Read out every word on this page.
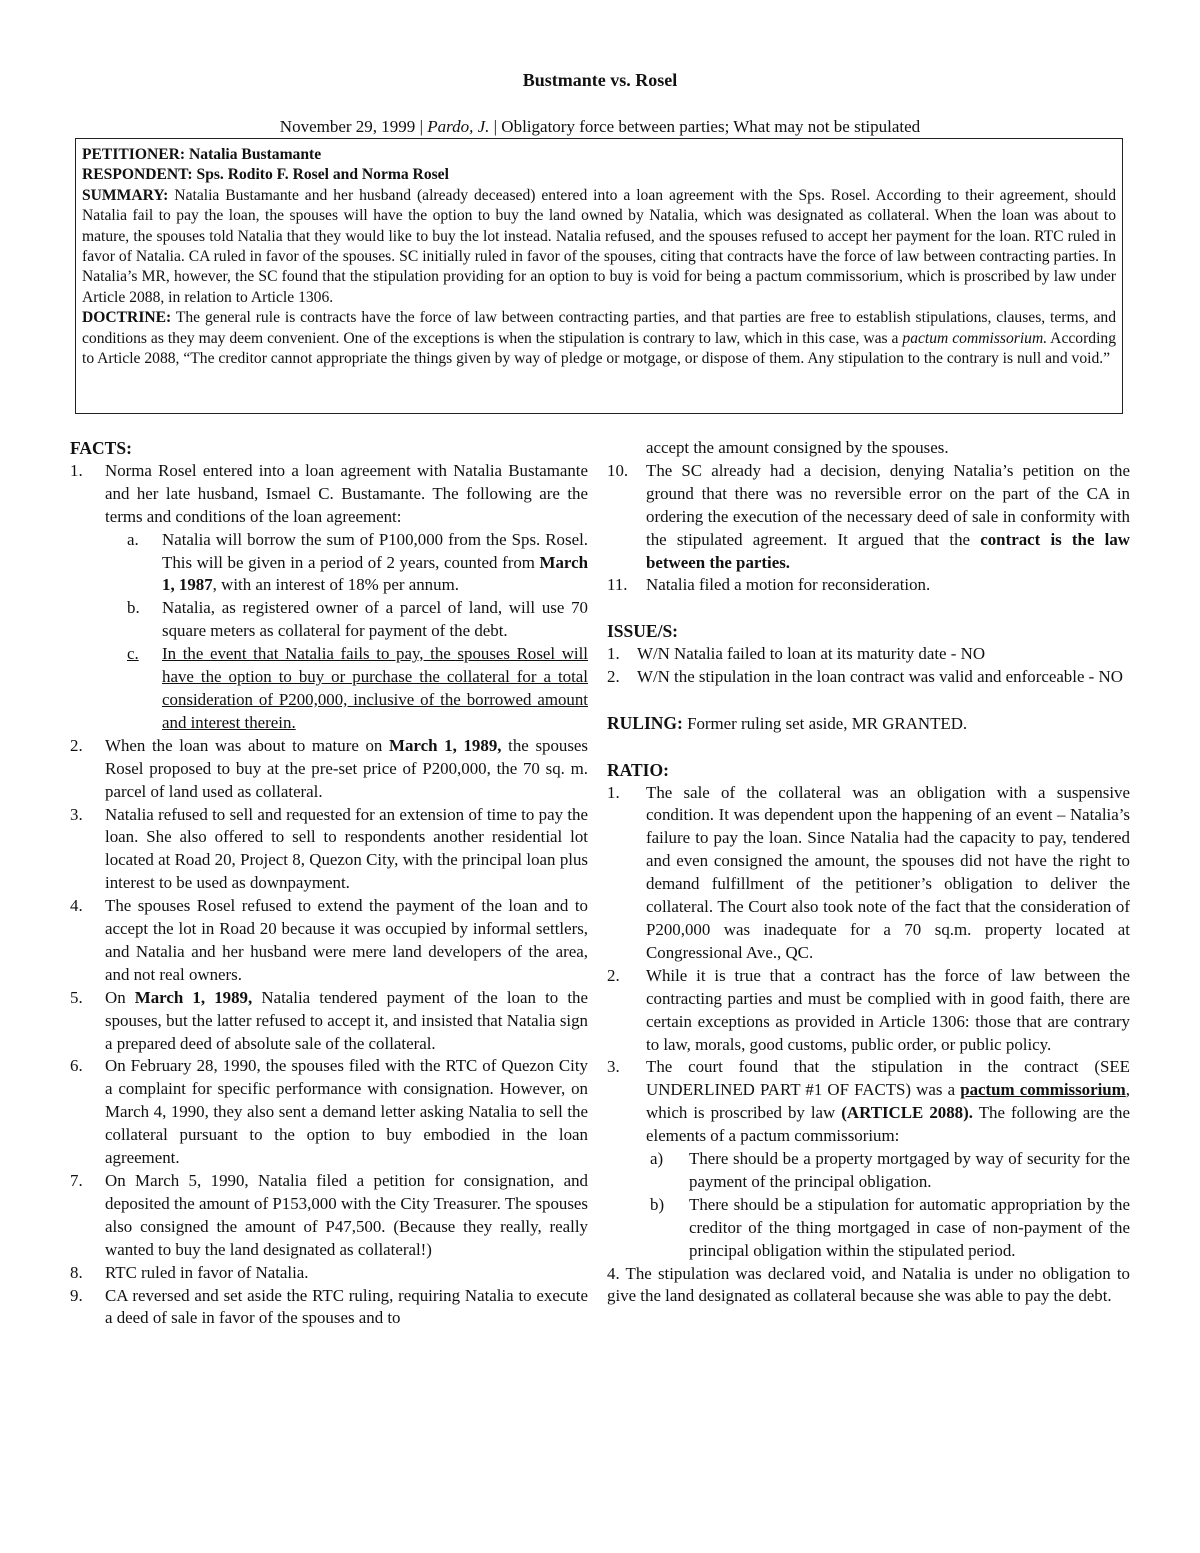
Bustmante vs. Rosel
November 29, 1999 | Pardo, J. | Obligatory force between parties; What may not be stipulated

PETITIONER: Natalia Bustamante

RESPONDENT: Sps. Rodito F. Rosel and Norma Rosel

SUMMARY: Natalia Bustamante and her husband (already deceased) entered into a loan agreement with the Sps. Rosel. According to their agreement, should Natalia fail to pay the loan, the spouses will have the option to buy the land owned by Natalia, which was designated as collateral. When the loan was about to mature, the spouses told Natalia that they would like to buy the lot instead. Natalia refused, and the spouses refused to accept her payment for the loan. RTC ruled in favor of Natalia. CA ruled in favor of the spouses. SC initially ruled in favor of the spouses, citing that contracts have the force of law between contracting parties. In Natalia’s MR, however, the SC found that the stipulation providing for an option to buy is void for being a pactum commissorium, which is proscribed by law under Article 2088, in relation to Article 1306.

DOCTRINE: The general rule is contracts have the force of law between contracting parties, and that parties are free to establish stipulations, clauses, terms, and conditions as they may deem convenient. One of the exceptions is when the stipulation is contrary to law, which in this case, was a pactum commissorium. According to Article 2088, “The creditor cannot appropriate the things given by way of pledge or motgage, or dispose of them. Any stipulation to the contrary is null and void.”

FACTS:

1. Norma Rosel entered into a loan agreement with Natalia Bustamante and her late husband, Ismael C. Bustamante. The following are the terms and conditions of the loan agreement:
a. Natalia will borrow the sum of P100,000 from the Sps. Rosel. This will be given in a period of 2 years, counted from March 1, 1987, with an interest of 18% per annum.
b. Natalia, as registered owner of a parcel of land, will use 70 square meters as collateral for payment of the debt.
c. In the event that Natalia fails to pay, the spouses Rosel will have the option to buy or purchase the collateral for a total consideration of P200,000, inclusive of the borrowed amount and interest therein.
2. When the loan was about to mature on March 1, 1989, the spouses Rosel proposed to buy at the pre-set price of P200,000, the 70 sq. m. parcel of land used as collateral.
3. Natalia refused to sell and requested for an extension of time to pay the loan. She also offered to sell to respondents another residential lot located at Road 20, Project 8, Quezon City, with the principal loan plus interest to be used as downpayment.
4. The spouses Rosel refused to extend the payment of the loan and to accept the lot in Road 20 because it was occupied by informal settlers, and Natalia and her husband were mere land developers of the area, and not real owners.
5. On March 1, 1989, Natalia tendered payment of the loan to the spouses, but the latter refused to accept it, and insisted that Natalia sign a prepared deed of absolute sale of the collateral.
6. On February 28, 1990, the spouses filed with the RTC of Quezon City a complaint for specific performance with consignation. However, on March 4, 1990, they also sent a demand letter asking Natalia to sell the collateral pursuant to the option to buy embodied in the loan agreement.
7. On March 5, 1990, Natalia filed a petition for consignation, and deposited the amount of P153,000 with the City Treasurer. The spouses also consigned the amount of P47,500. (Because they really, really wanted to buy the land designated as collateral!)
8. RTC ruled in favor of Natalia.
9. CA reversed and set aside the RTC ruling, requiring Natalia to execute a deed of sale in favor of the spouses and to
accept the amount consigned by the spouses.
10. The SC already had a decision, denying Natalia’s petition on the ground that there was no reversible error on the part of the CA in ordering the execution of the necessary deed of sale in conformity with the stipulated agreement. It argued that the contract is the law between the parties.
11. Natalia filed a motion for reconsideration.

ISSUE/S:

1. W/N Natalia failed to loan at its maturity date - NO
2. W/N the stipulation in the loan contract was valid and enforceable - NO

RULING: Former ruling set aside, MR GRANTED.

RATIO:

1. The sale of the collateral was an obligation with a suspensive condition. It was dependent upon the happening of an event – Natalia’s failure to pay the loan. Since Natalia had the capacity to pay, tendered and even consigned the amount, the spouses did not have the right to demand fulfillment of the petitioner’s obligation to deliver the collateral. The Court also took note of the fact that the consideration of P200,000 was inadequate for a 70 sq.m. property located at Congressional Ave., QC.
2. While it is true that a contract has the force of law between the contracting parties and must be complied with in good faith, there are certain exceptions as provided in Article 1306: those that are contrary to law, morals, good customs, public order, or public policy.
3. The court found that the stipulation in the contract (SEE UNDERLINED PART #1 OF FACTS) was a pactum commissorium, which is proscribed by law (ARTICLE 2088). The following are the elements of a pactum commissorium:
a) There should be a property mortgaged by way of security for the payment of the principal obligation.
b) There should be a stipulation for automatic appropriation by the creditor of the thing mortgaged in case of non-payment of the principal obligation within the stipulated period.

4. The stipulation was declared void, and Natalia is under no obligation to give the land designated as collateral because she was able to pay the debt.
